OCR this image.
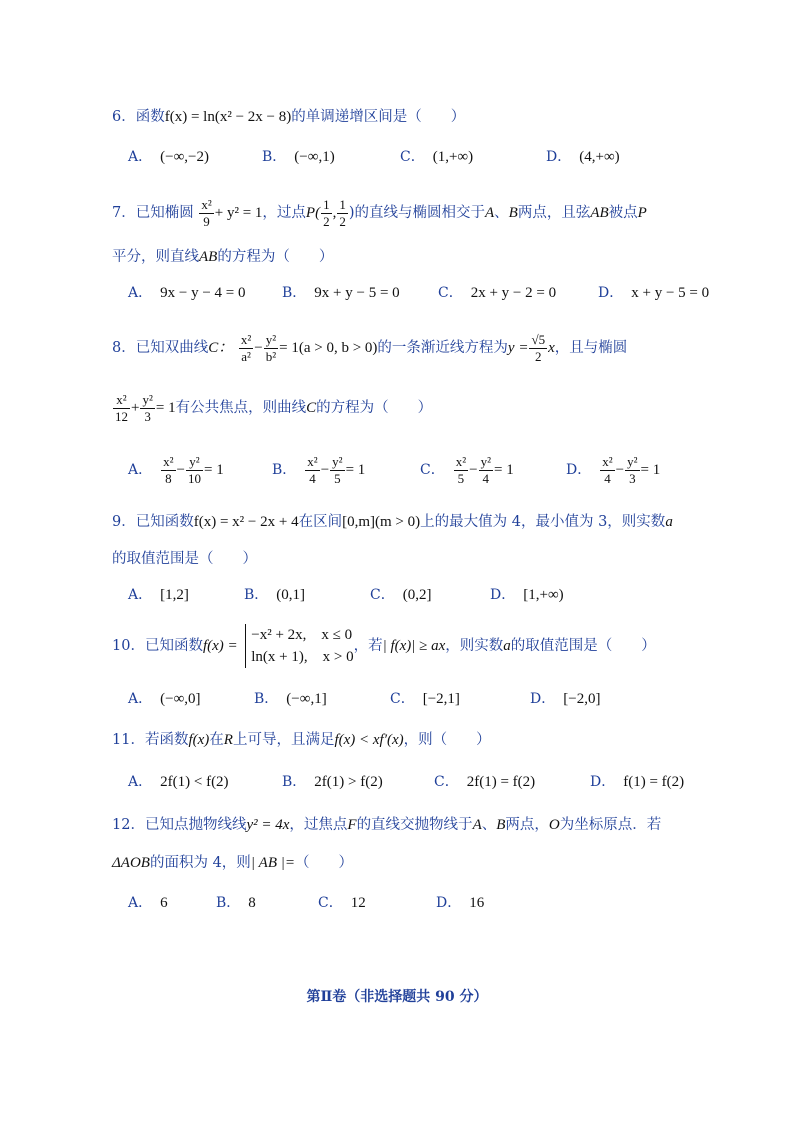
6．函数f(x) = ln(x² − 2x − 8)的单调递增区间是（　　）
A． (−∞,−2)	B． (−∞,1)	C． (1,+∞)	D． (4,+∞)
7．已知椭圆 $\frac{\text{x²}}{9} + y^2 = 1$，过点$P( \frac{1}{2}$ , $\frac{1}{2}$ )的直线与椭圆相交于A、B两点，且弦AB被点P
平分，则直线AB的方程为（　　）
A． 9x − y − 4 = 0	B． 9x + y − 5 = 0	C． 2x + y − 2 = 0	D． x + y − 5 = 0
8．已知双曲线C： $\frac{\text{x²}}{\text{a²}} - \frac{\text{y²}}{\text{b²}} = 1(a > 0$, b > 0)的一条渐近线方程为$y = \frac{√5}{2}$ x，且与椭圆
$\frac{\text{x²}}{12} + \frac{\text{y²}}{3} = 1$有公共焦点，则曲线C的方程为（　　）
A． $\frac{\text{x²}}{8} - \frac{\text{y²}}{10} = 1$	B． $\frac{\text{x²}}{4} - \frac{\text{y²}}{5} = 1$	C． $\frac{\text{x²}}{5} - \frac{\text{y²}}{4} = 1$	D． $\frac{\text{x²}}{4} - \frac{\text{y²}}{3} = 1$
9．已知函数f(x) = x² − 2x + 4在区间[0,m](m > 0)上的最大值为 4，最小值为 3，则实数a
的取值范围是（　　）
A． [1,2]	B． (0,1]	C． (0,2]	D． [1,+∞)
10．已知函数f(x) =
−x² + 2x,　x ≤ 0
ln(x + 1),　x > 0
，若| f(x)| ≥ ax，则实数a的取值范围是（　　）
A． (−∞,0]	B． (−∞,1]	C． [−2,1]	D． [−2,0]
11．若函数f(x)在R上可导，且满足f(x) < xf′(x)，则（　　）
A． 2f(1) < f(2)	B． 2f(1) > f(2)	C． 2f(1) = f(2)	D． f(1) = f(2)
12．已知点抛物线线y² = 4x，过焦点F的直线交抛物线于A、B两点，O为坐标原点．若
ΔAOB的面积为 4，则| AB |=（　　）
A． 6	B． 8	C． 12	D． 16
第Ⅱ卷（非选择题共 90 分）
